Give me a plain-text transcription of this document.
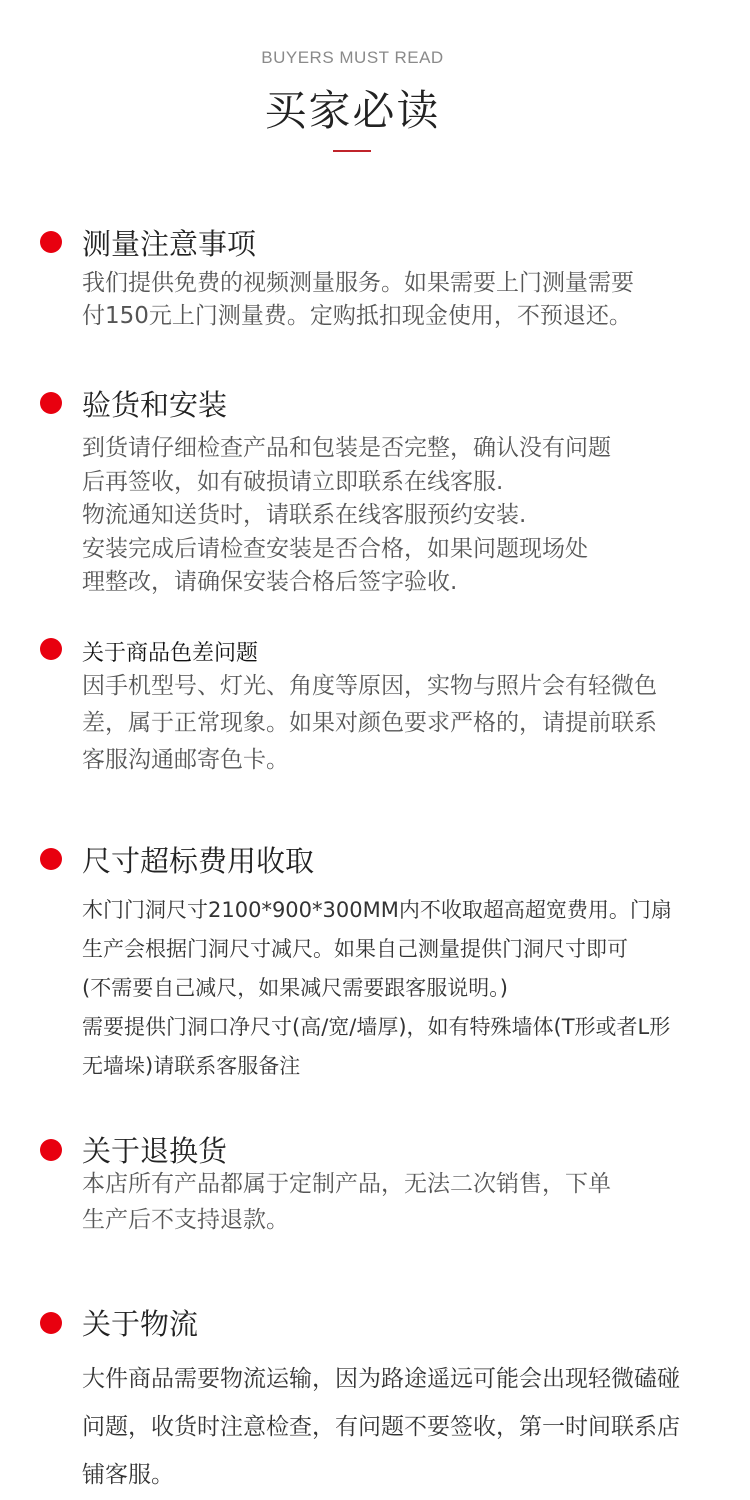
BUYERS MUST READ
买家必读
测量注意事项
我们提供免费的视频测量服务。如果需要上门测量需要
付150元上门测量费。定购抵扣现金使用，不预退还。
验货和安装
到货请仔细检查产品和包装是否完整，确认没有问题
后再签收，如有破损请立即联系在线客服.
物流通知送货时，请联系在线客服预约安装.
安装完成后请检查安装是否合格，如果问题现场处
理整改，请确保安装合格后签字验收.
关于商品色差问题
因手机型号、灯光、角度等原因，实物与照片会有轻微色
差，属于正常现象。如果对颜色要求严格的，请提前联系
客服沟通邮寄色卡。
尺寸超标费用收取
木门门洞尺寸2100*900*300MM内不收取超高超宽费用。门扇
生产会根据门洞尺寸减尺。如果自己测量提供门洞尺寸即可
(不需要自己减尺，如果减尺需要跟客服说明。)
需要提供门洞口净尺寸(高/宽/墙厚)，如有特殊墙体(T形或者L形
无墙垛)请联系客服备注
关于退换货
本店所有产品都属于定制产品，无法二次销售，下单
生产后不支持退款。
关于物流
大件商品需要物流运输，因为路途遥远可能会出现轻微磕碰
问题，收货时注意检查，有问题不要签收，第一时间联系店
铺客服。
